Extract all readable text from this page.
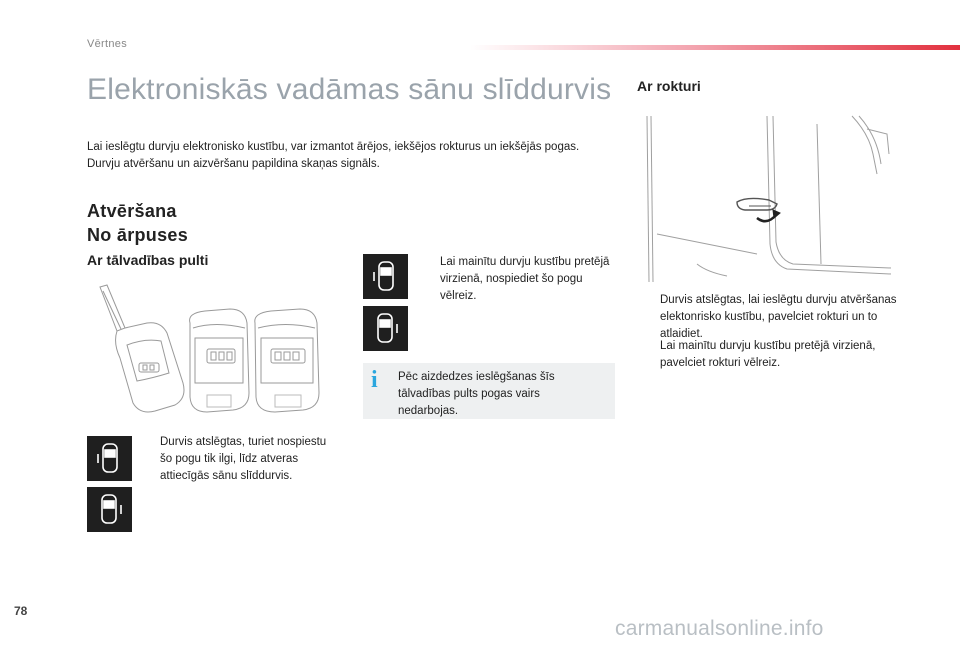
Vērtnes
Elektroniskās vadāmas sānu slīddurvis
Lai ieslēgtu durvju elektronisko kustību, var izmantot ārējos, iekšējos rokturus un iekšējās pogas. Durvju atvēršanu un aizvēršanu papildina skaņas signāls.
Atvēršana
No ārpuses
Ar tālvadības pulti
Durvis atslēgtas, turiet nospiestu šo pogu tik ilgi, līdz atveras attiecīgās sānu slīddurvis.
Lai mainītu durvju kustību pretējā virzienā, nospiediet šo pogu vēlreiz.
i	Pēc aizdedzes ieslēgšanas šīs tālvadības pults pogas vairs nedarbojas.
Ar rokturi
Durvis atslēgtas, lai ieslēgtu durvju atvēršanas elektonrisko kustību, pavelciet rokturi un to atlaidiet.
Lai mainītu durvju kustību pretējā virzienā, pavelciet rokturi vēlreiz.
78
carmanualsonline.info
